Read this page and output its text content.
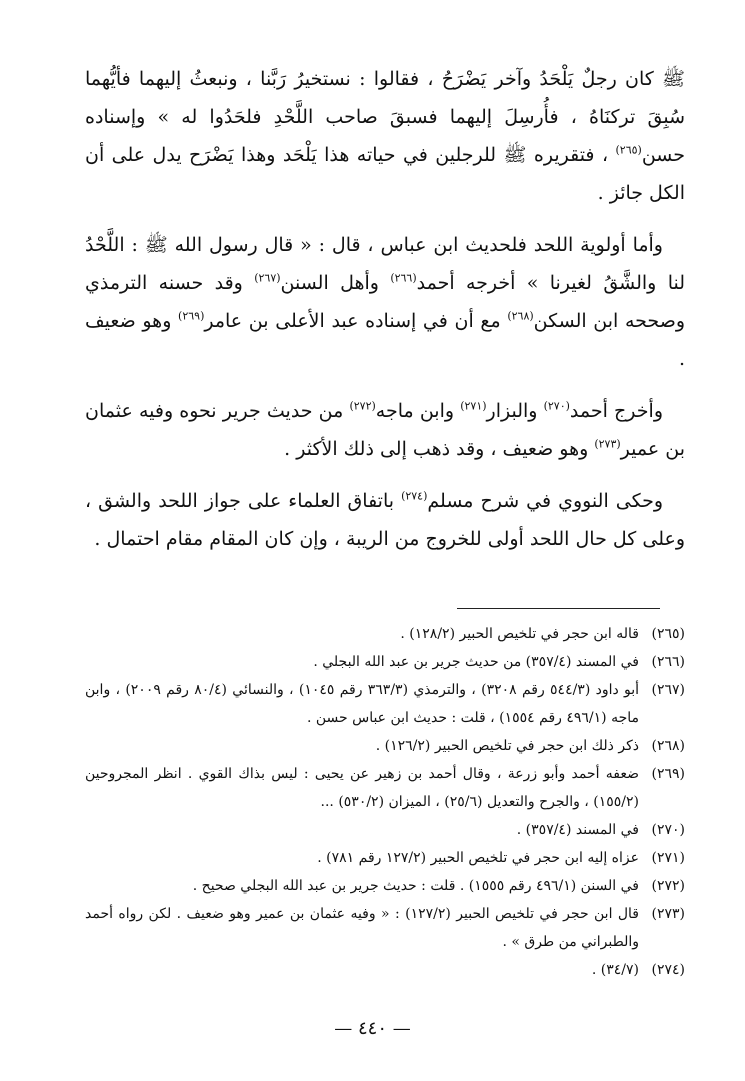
ﷺ كان رجلٌ يَلْحَدُ وآخر يَضْرَحُ ، فقالوا : نستخيرُ رَبَّنا ، ونبعثُ إليهما فأيُّهما سُبِقَ تركنَاهُ ، فأُرسِلَ إليهما فسبقَ صاحب اللَّحْدِ فلحَدُوا له » وإسناده حسن$^{(٢٦٥)}$ ، فتقريره ﷺ للرجلين في حياته هذا يَلْحَد وهذا يَضْرَح يدل على أن الكل جائز .

وأما أولوية اللحد فلحديث ابن عباس ، قال : « قال رسول الله ﷺ : اللَّحْدُ لنا والشَّقُ لغيرنا » أخرجه أحمد$^{(٢٦٦)}$ وأهل السنن$^{(٢٦٧)}$ وقد حسنه الترمذي وصححه ابن السكن$^{(٢٦٨)}$ مع أن في إسناده عبد الأعلى بن عامر$^{(٢٦٩)}$ وهو ضعيف .

وأخرج أحمد$^{(٢٧٠)}$ والبزار$^{(٢٧١)}$ وابن ماجه$^{(٢٧٢)}$ من حديث جرير نحوه وفيه عثمان بن عمير$^{(٢٧٣)}$ وهو ضعيف ، وقد ذهب إلى ذلك الأكثر .

وحكى النووي في شرح مسلم$^{(٢٧٤)}$ باتفاق العلماء على جواز اللحد والشق ، وعلى كل حال اللحد أولى للخروج من الريبة ، وإن كان المقام مقام احتمال .

(٢٦٥)
قاله ابن حجر في تلخيص الحبير (١٢٨/٢) .
(٢٦٦)
في المسند (٣٥٧/٤) من حديث جرير بن عبد الله البجلي .
(٢٦٧)
أبو داود (٥٤٤/٣ رقم ٣٢٠٨) ، والترمذي (٣٦٣/٣ رقم ١٠٤٥) ، والنسائي (٨٠/٤ رقم ٢٠٠٩) ، وابن ماجه (٤٩٦/١ رقم ١٥٥٤) ، قلت : حديث ابن عباس حسن .
(٢٦٨)
ذكر ذلك ابن حجر في تلخيص الحبير (١٢٦/٢) .
(٢٦٩)
ضعفه أحمد وأبو زرعة ، وقال أحمد بن زهير عن يحيى : ليس بذاك القوي . انظر المجروحين (١٥٥/٢) ، والجرح والتعديل (٢٥/٦) ، الميزان (٥٣٠/٢) ...
(٢٧٠)
في المسند (٣٥٧/٤) .
(٢٧١)
عزاه إليه ابن حجر في تلخيص الحبير (١٢٧/٢ رقم ٧٨١) .
(٢٧٢)
في السنن (٤٩٦/١ رقم ١٥٥٥) . قلت : حديث جرير بن عبد الله البجلي صحيح .
(٢٧٣)
قال ابن حجر في تلخيص الحبير (١٢٧/٢) : « وفيه عثمان بن عمير وهو ضعيف . لكن رواه أحمد والطبراني من طرق » .
(٢٧٤)
(٣٤/٧) .
— ٤٤٠ —
